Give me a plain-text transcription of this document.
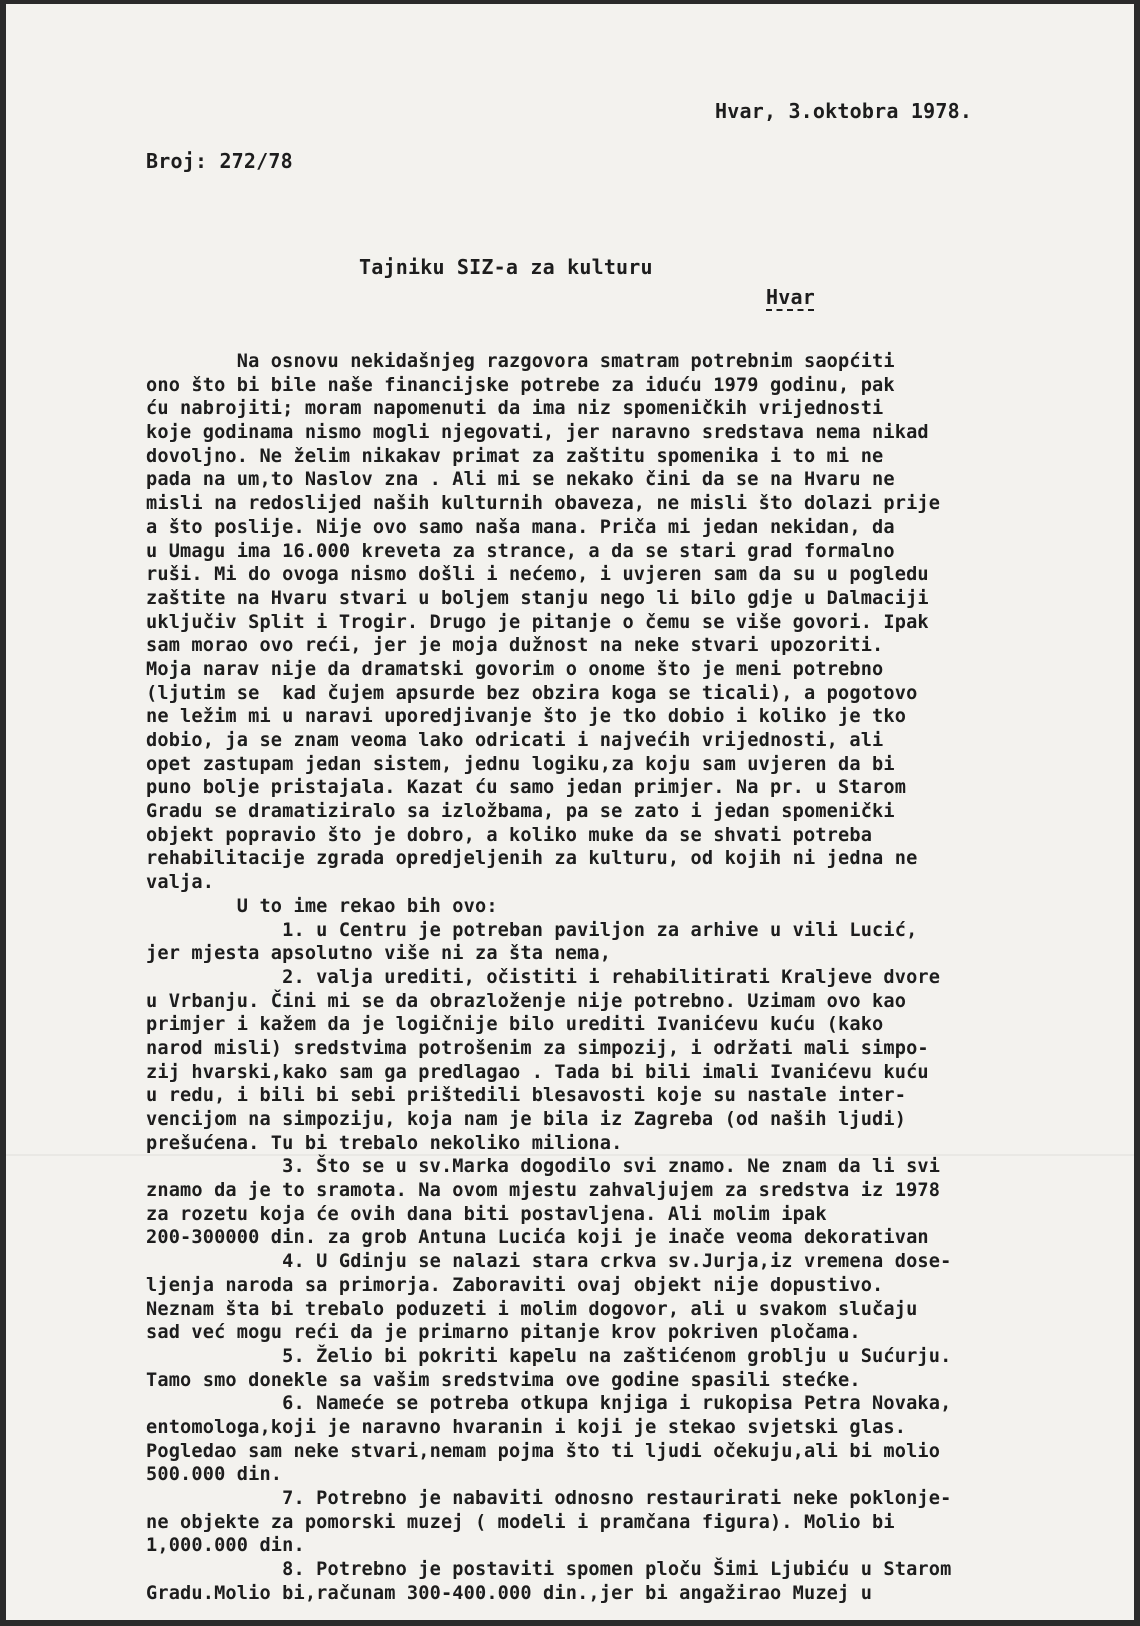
Hvar, 3.oktobra 1978.
Broj: 272/78
Tajniku SIZ-a za kulturu
Hvar
Na osnovu nekidašnjeg razgovora smatram potrebnim saopćiti
ono što bi bile naše financijske potrebe za iduću 1979 godinu, pak
ću nabrojiti; moram napomenuti da ima niz spomeničkih vrijednosti
koje godinama nismo mogli njegovati, jer naravno sredstava nema nikad
dovoljno. Ne želim nikakav primat za zaštitu spomenika i to mi ne
pada na um,to Naslov zna . Ali mi se nekako čini da se na Hvaru ne
misli na redoslijed naših kulturnih obaveza, ne misli što dolazi prije
a što poslije. Nije ovo samo naša mana. Priča mi jedan nekidan, da
u Umagu ima 16.000 kreveta za strance, a da se stari grad formalno
ruši. Mi do ovoga nismo došli i nećemo, i uvjeren sam da su u pogledu
zaštite na Hvaru stvari u boljem stanju nego li bilo gdje u Dalmaciji
uključiv Split i Trogir. Drugo je pitanje o čemu se više govori. Ipak
sam morao ovo reći, jer je moja dužnost na neke stvari upozoriti.
Moja narav nije da dramatski govorim o onome što je meni potrebno
(ljutim se  kad čujem apsurde bez obzira koga se ticali), a pogotovo
ne ležim mi u naravi uporedjivanje što je tko dobio i koliko je tko
dobio, ja se znam veoma lako odricati i najvećih vrijednosti, ali
opet zastupam jedan sistem, jednu logiku,za koju sam uvjeren da bi
puno bolje pristajala. Kazat ću samo jedan primjer. Na pr. u Starom
Gradu se dramatiziralo sa izložbama, pa se zato i jedan spomenički
objekt popravio što je dobro, a koliko muke da se shvati potreba
rehabilitacije zgrada opredjeljenih za kulturu, od kojih ni jedna ne
valja.
U to ime rekao bih ovo:
1. u Centru je potreban paviljon za arhive u vili Lucić,
jer mjesta apsolutno više ni za šta nema,
2. valja urediti, očistiti i rehabilitirati Kraljeve dvore
u Vrbanju. Čini mi se da obrazloženje nije potrebno. Uzimam ovo kao
primjer i kažem da je logičnije bilo urediti Ivanićevu kuću (kako
narod misli) sredstvima potrošenim za simpozij, i održati mali simpo-
zij hvarski,kako sam ga predlagao . Tada bi bili imali Ivanićevu kuću
u redu, i bili bi sebi prištedili blesavosti koje su nastale inter-
vencijom na simpoziju, koja nam je bila iz Zagreba (od naših ljudi)
prešućena. Tu bi trebalo nekoliko miliona.
3. Što se u sv.Marka dogodilo svi znamo. Ne znam da li svi
znamo da je to sramota. Na ovom mjestu zahvaljujem za sredstva iz 1978
za rozetu koja će ovih dana biti postavljena. Ali molim ipak
200-300000 din. za grob Antuna Lucića koji je inače veoma dekorativan
4. U Gdinju se nalazi stara crkva sv.Jurja,iz vremena dose-
ljenja naroda sa primorja. Zaboraviti ovaj objekt nije dopustivo.
Neznam šta bi trebalo poduzeti i molim dogovor, ali u svakom slučaju
sad već mogu reći da je primarno pitanje krov pokriven pločama.
5. Želio bi pokriti kapelu na zaštićenom groblju u Sućurju.
Tamo smo donekle sa vašim sredstvima ove godine spasili stećke.
6. Nameće se potreba otkupa knjiga i rukopisa Petra Novaka,
entomologa,koji je naravno hvaranin i koji je stekao svjetski glas.
Pogledao sam neke stvari,nemam pojma što ti ljudi očekuju,ali bi molio
500.000 din.
7. Potrebno je nabaviti odnosno restaurirati neke poklonje-
ne objekte za pomorski muzej ( modeli i pramčana figura). Molio bi
1,000.000 din.
8. Potrebno je postaviti spomen ploču Šimi Ljubiću u Starom
Gradu.Molio bi,računam 300-400.000 din.,jer bi angažirao Muzej u
